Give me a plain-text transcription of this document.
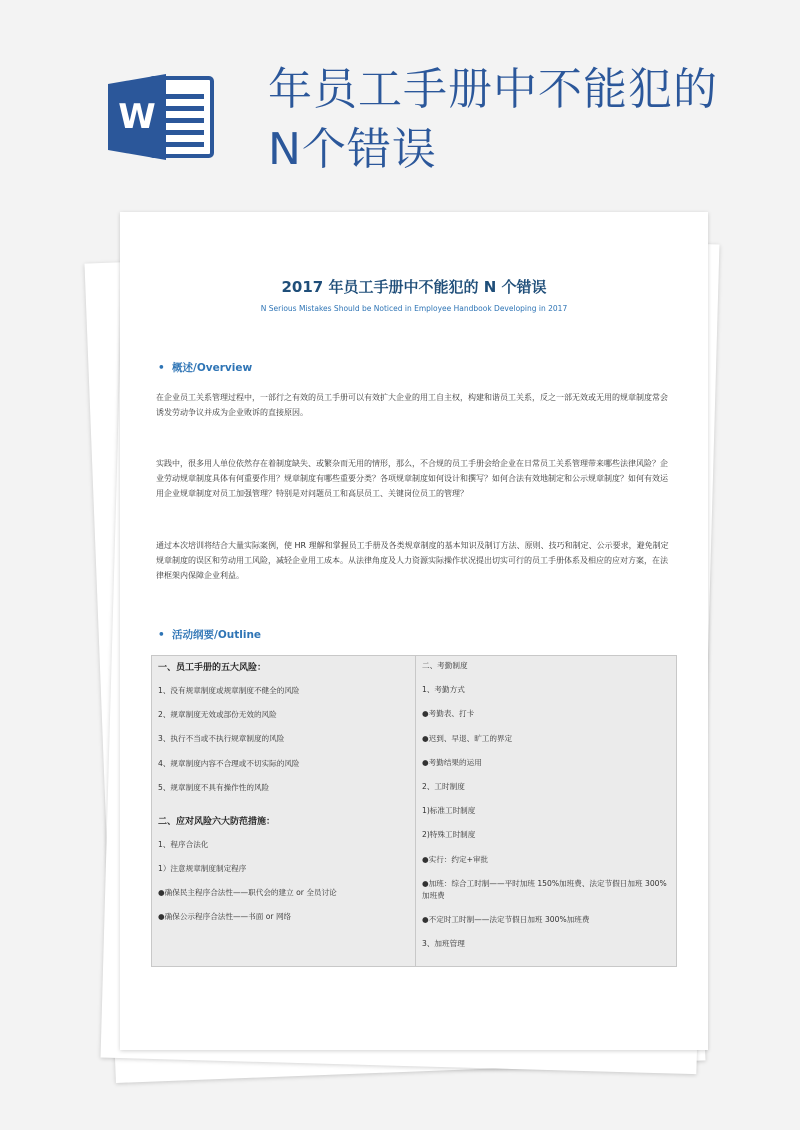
W
年员工手册中不能犯的N个错误
2017 年员工手册中不能犯的 N 个错误
N Serious Mistakes Should be Noticed in Employee Handbook Developing in 2017
• 概述/Overview
在企业员工关系管理过程中，一部行之有效的员工手册可以有效扩大企业的用工自主权，构建和谐员工关系，反之一部无效或无用的规章制度常会诱发劳动争议并成为企业败诉的直接原因。
实践中，很多用人单位依然存在着制度缺失、或繁杂而无用的情形，那么，不合规的员工手册会给企业在日常员工关系管理带来哪些法律风险？企业劳动规章制度具体有何重要作用？规章制度有哪些重要分类？各项规章制度如何设计和撰写？如何合法有效地制定和公示规章制度？如何有效运用企业规章制度对员工加强管理？特别是对问题员工和高层员工、关键岗位员工的管理？
通过本次培训将结合大量实际案例，使 HR 理解和掌握员工手册及各类规章制度的基本知识及制订方法、原则、技巧和制定、公示要求，避免制定规章制度的误区和劳动用工风险，减轻企业用工成本。从法律角度及人力资源实际操作状况提出切实可行的员工手册体系及相应的应对方案，在法律框架内保障企业利益。
• 活动纲要/Outline
一、员工手册的五大风险：
1、没有规章制度或规章制度不健全的风险
2、规章制度无效或部份无效的风险
3、执行不当或不执行规章制度的风险
4、规章制度内容不合理或不切实际的风险
5、规章制度不具有操作性的风险
二、应对风险六大防范措施：
1、程序合法化
1）注意规章制度制定程序
●确保民主程序合法性——职代会的建立 or 全员讨论
●确保公示程序合法性——书面 or 网络

二、考勤制度
1、考勤方式
●考勤表、打卡
●迟到、早退、旷工的界定
●考勤结果的运用
2、工时制度
1)标准工时制度
2)特殊工时制度
●实行：约定+审批
●加班：综合工时制——平时加班 150%加班费、法定节假日加班 300%加班费
●不定时工时制——法定节假日加班 300%加班费
3、加班管理
